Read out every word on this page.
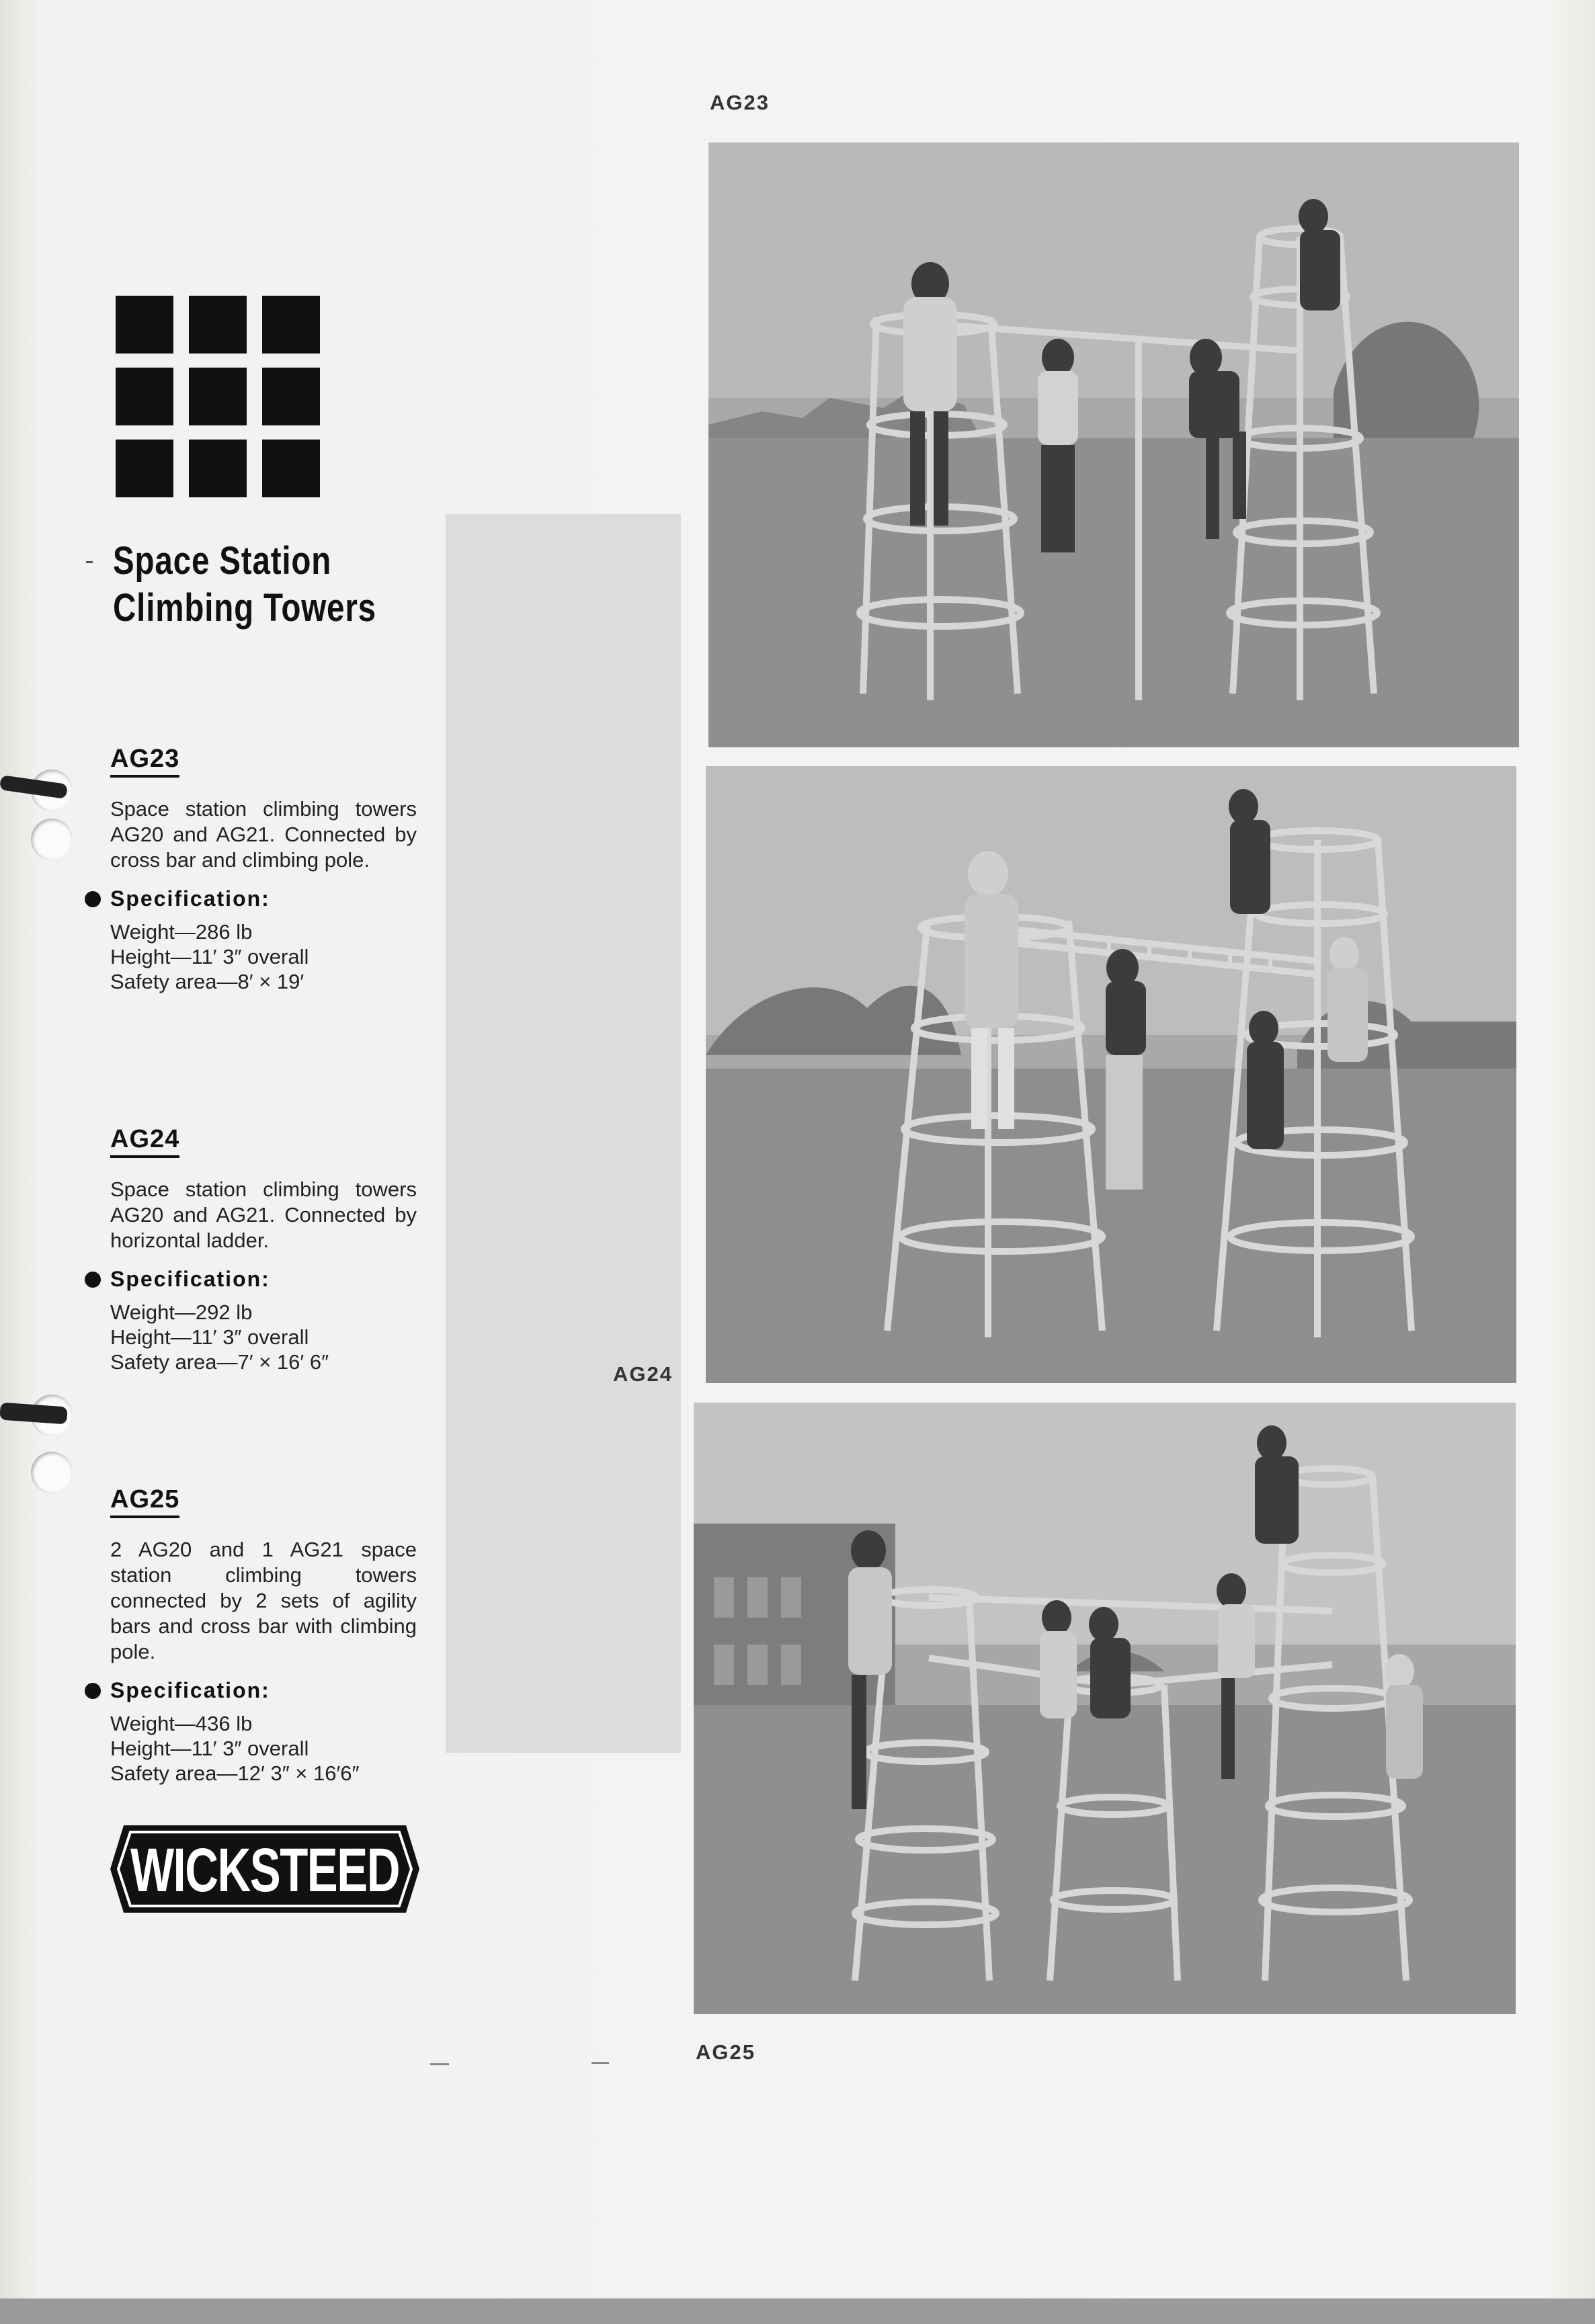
Space Station
Climbing Towers
AG23
Space station climbing towers AG20 and AG21. Connected by cross bar and climbing pole.
Specification:
Weight—286 lb
Height—11′ 3″ overall
Safety area—8′ × 19′
AG24
Space station climbing towers AG20 and AG21. Connected by horizontal ladder.
Specification:
Weight—292 lb
Height—11′ 3″ overall
Safety area—7′ × 16′ 6″
AG25
2 AG20 and 1 AG21 space station climbing towers connected by 2 sets of agility bars and cross bar with climbing pole.
Specification:
Weight—436 lb
Height—11′ 3″ overall
Safety area—12′ 3″ × 16′6″
AG23
AG24
AG25
WICKSTEED
